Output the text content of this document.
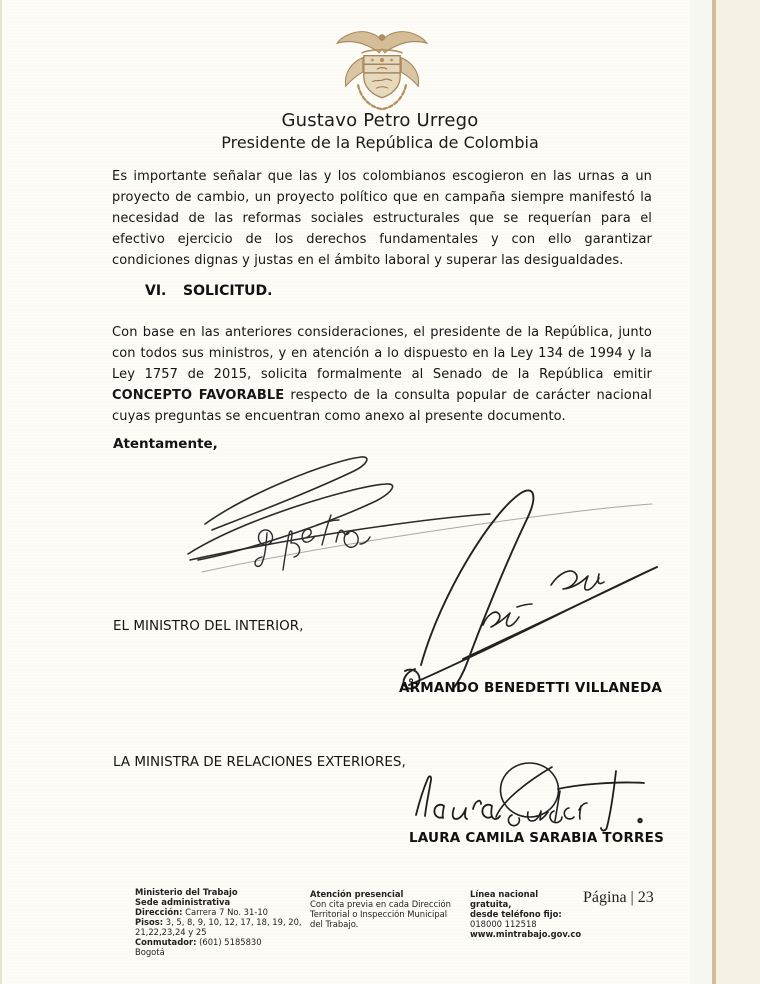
Gustavo Petro Urrego
Presidente de la República de Colombia
Es importante señalar que las y los colombianos escogieron en las urnas a un proyecto de cambio, un proyecto político que en campaña siempre manifestó la necesidad de las reformas sociales estructurales que se requerían para el efectivo ejercicio de los derechos fundamentales y con ello garantizar condiciones dignas y justas en el ámbito laboral y superar las desigualdades.
VI. SOLICITUD.
Con base en las anteriores consideraciones, el presidente de la República, junto con todos sus ministros, y en atención a lo dispuesto en la Ley 134 de 1994 y la Ley 1757 de 2015, solicita formalmente al Senado de la República emitir CONCEPTO FAVORABLE respecto de la consulta popular de carácter nacional cuyas preguntas se encuentran como anexo al presente documento.
Atentamente,
EL MINISTRO DEL INTERIOR,
ARMANDO BENEDETTI VILLANEDA
LA MINISTRA DE RELACIONES EXTERIORES,
LAURA CAMILA SARABIA TORRES
Ministerio del Trabajo
Sede administrativa
Dirección: Carrera 7 No. 31-10
Pisos: 3, 5, 8, 9, 10, 12, 17, 18, 19, 20, 21,22,23,24 y 25
Conmutador: (601) 5185830
Bogotá
Atención presencial
Con cita previa en cada Dirección Territorial o Inspección Municipal del Trabajo.
Línea nacional gratuita,
desde teléfono fijo:
018000 112518
www.mintrabajo.gov.co
Página | 23
